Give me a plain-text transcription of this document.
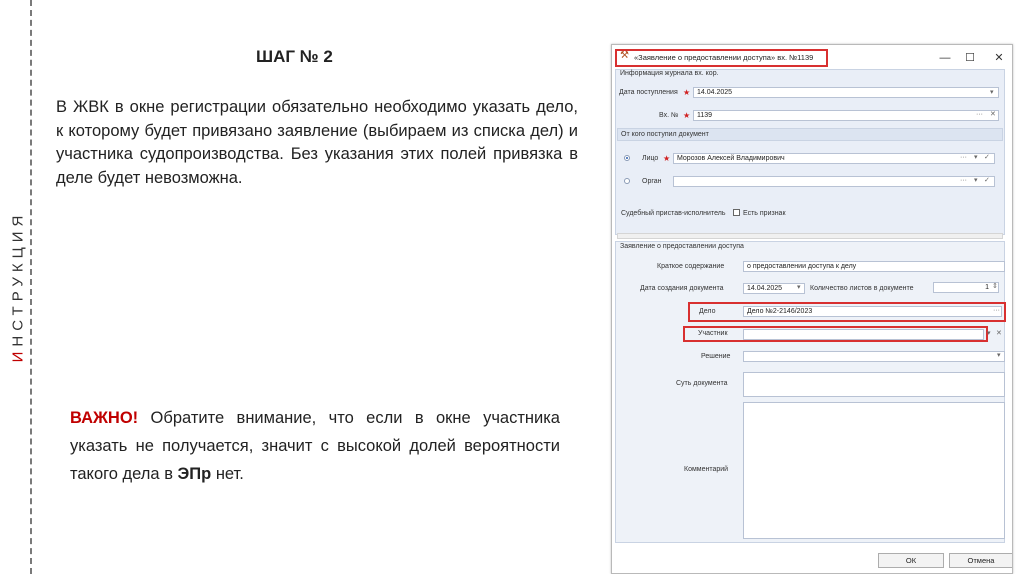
ИНСТРУКЦИЯ
ШАГ № 2
В ЖВК в окне регистрации обязательно необходимо указать дело, к которому будет привязано заявление (выбираем из списка дел) и участника судопроизводства. Без указания этих полей привязка в деле будет невозможна.
ВАЖНО! Обратите внимание, что если в окне участника указать не получается, значит с высокой долей вероятности такого дела в ЭПр нет.
⚒ «Заявление о предоставлении доступа» вх. №1139	— ☐	✕
Информация журнала вх. кор.
Дата поступления ★ 14.04.2025	▾
Вх. № ★ 1139	··· ✕
От кого поступил документ
Лицо ★ Морозов Алексей Владимирович	··· ▾ ✓
Орган	··· ▾ ✓
Судебный пристав-исполнитель	Есть признак
Заявление о предоставлении доступа
Краткое содержание	о предоставлении доступа к делу
Дата создания документа	14.04.2025	▾ Количество листов в документе	1 ⇕
Дело	Дело №2-2146/2023	···
Участник	▾ ✕
Решение	▾
Суть документа
Комментарий
ОК	Отмена
